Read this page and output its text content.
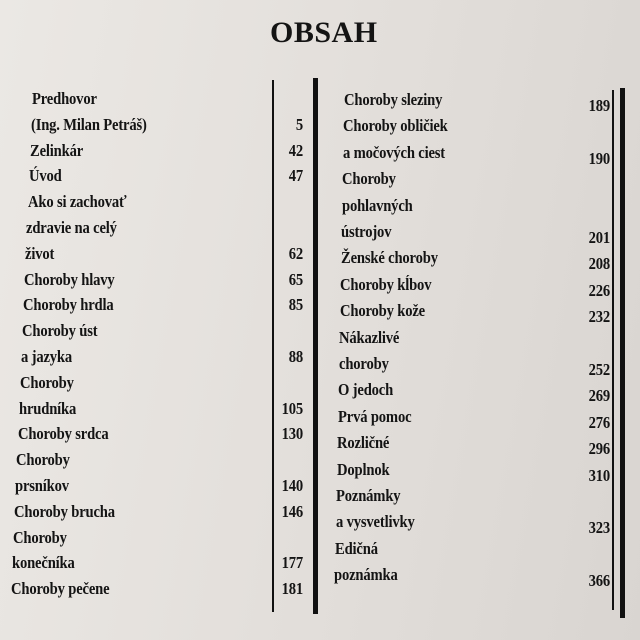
OBSAH
Predhovor
(Ing. Milan Petráš)	5
Zelinkár	42
Úvod	47
Ako si zachovať
zdravie na celý
život	62
Choroby hlavy	65
Choroby hrdla	85
Choroby úst
a jazyka	88
Choroby
hrudníka	105
Choroby srdca	130
Choroby
prsníkov	140
Choroby brucha	146
Choroby
konečníka	177
Choroby pečene	181
Choroby sleziny	189
Choroby obličiek
a močových ciest	190
Choroby
pohlavných
ústrojov	201
Ženské choroby	208
Choroby kĺbov	226
Choroby kože	232
Nákazlivé
choroby	252
O jedoch	269
Prvá pomoc	276
Rozličné	296
Doplnok	310
Poznámky
a vysvetlivky	323
Edičná
poznámka	366
